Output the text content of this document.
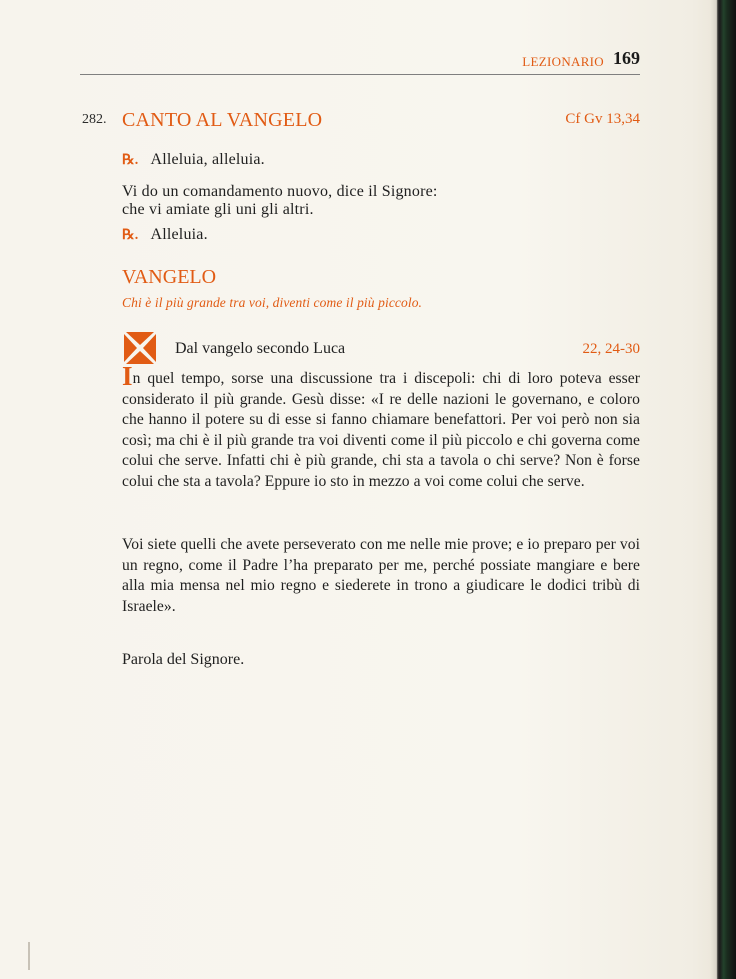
LEZIONARIO 169
282. CANTO AL VANGELO	Cf Gv 13,34
℞. Alleluia, alleluia.
Vi do un comandamento nuovo, dice il Signore:
che vi amiate gli uni gli altri.
℞. Alleluia.
VANGELO
Chi è il più grande tra voi, diventi come il più piccolo.
Dal vangelo secondo Luca	22, 24-30
In quel tempo, sorse una discussione tra i discepoli: chi di loro poteva esser considerato il più grande. Gesù disse: «I re delle nazioni le governano, e coloro che hanno il potere su di esse si fanno chiamare benefattori. Per voi però non sia così; ma chi è il più grande tra voi diventi come il più piccolo e chi governa come colui che serve. Infatti chi è più grande, chi sta a tavola o chi serve? Non è forse colui che sta a tavola? Eppure io sto in mezzo a voi come colui che serve.
Voi siete quelli che avete perseverato con me nelle mie prove; e io preparo per voi un regno, come il Padre l’ha preparato per me, perché possiate mangiare e bere alla mia mensa nel mio regno e siederete in trono a giudicare le dodici tribù di Israele».
Parola del Signore.
